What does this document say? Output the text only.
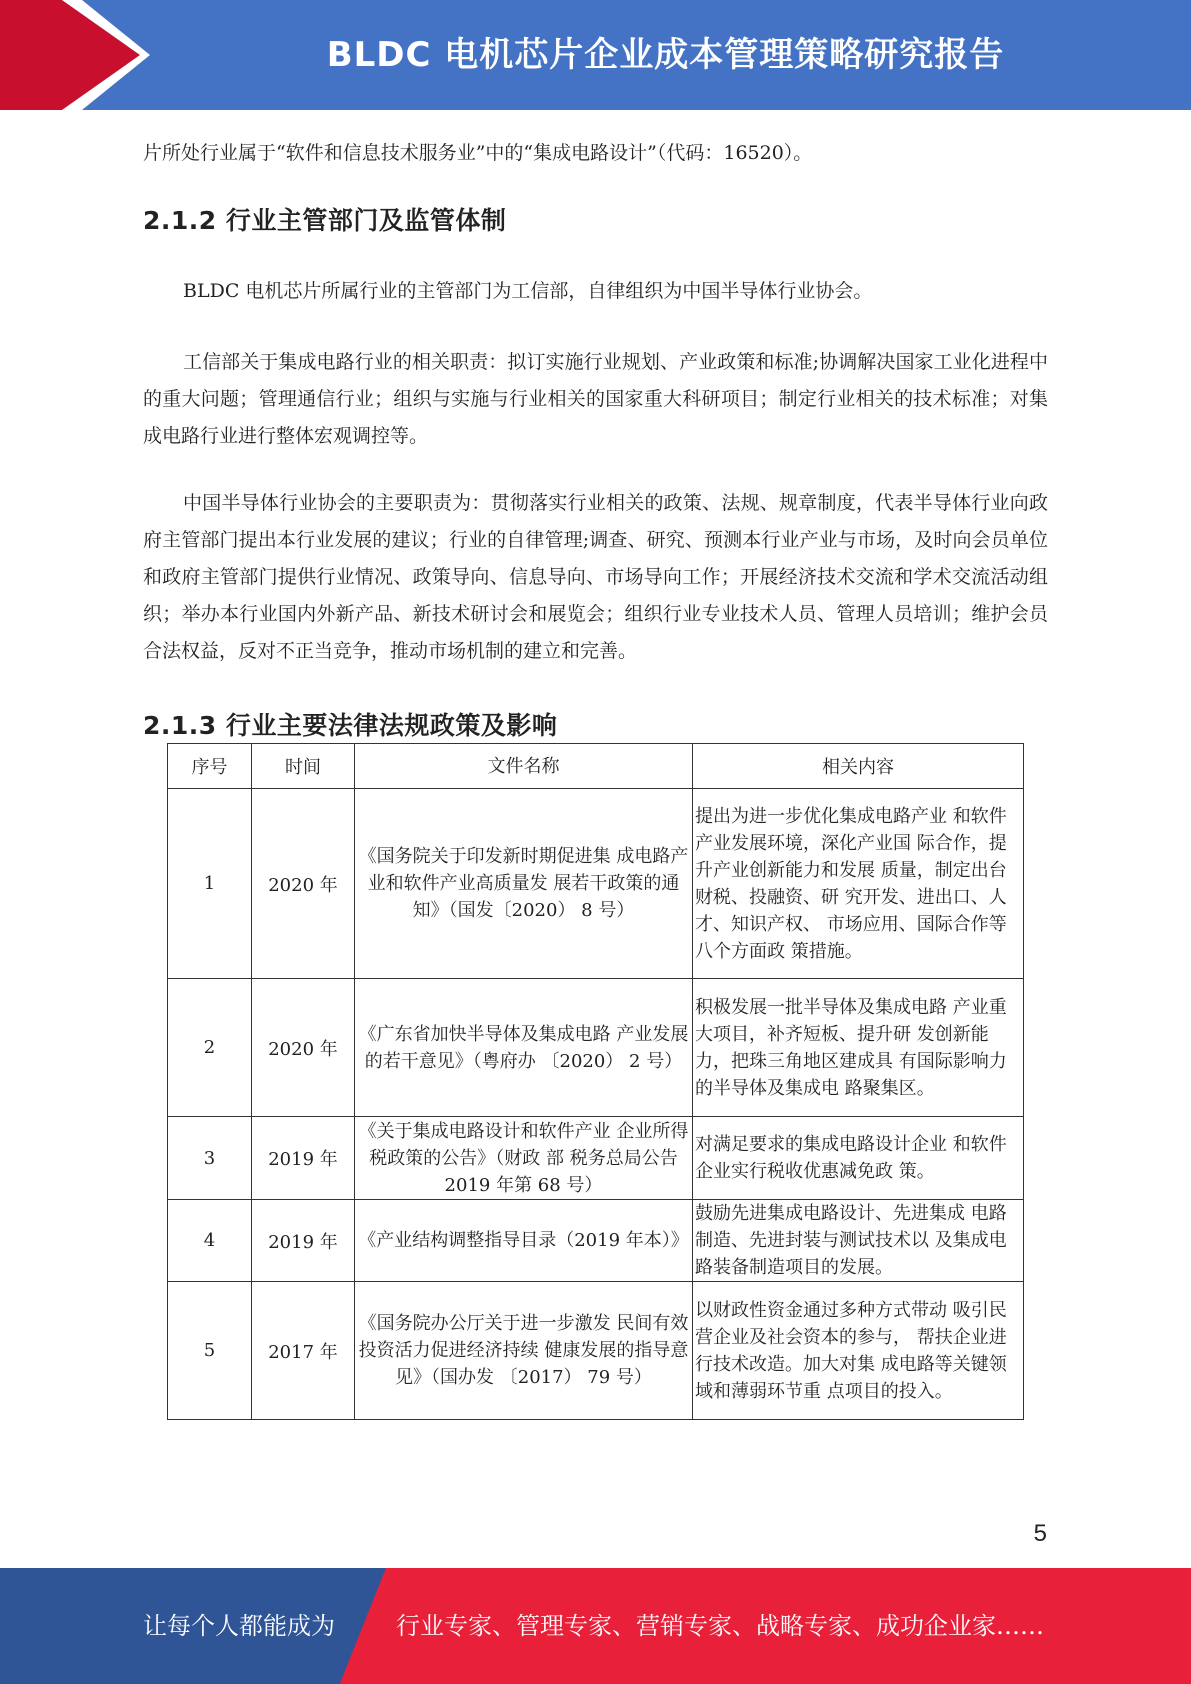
BLDC 电机芯片企业成本管理策略研究报告

片所处行业属于“软件和信息技术服务业”中的“集成电路设计”（代码：16520）。

2.1.2 行业主管部门及监管体制

BLDC 电机芯片所属行业的主管部门为工信部，自律组织为中国半导体行业协会。

工信部关于集成电路行业的相关职责：拟订实施行业规划、产业政策和标准;协调解决国家工业化进程中的重大问题；管理通信行业；组织与实施与行业相关的国家重大科研项目；制定行业相关的技术标准；对集成电路行业进行整体宏观调控等。

中国半导体行业协会的主要职责为：贯彻落实行业相关的政策、法规、规章制度，代表半导体行业向政府主管部门提出本行业发展的建议；行业的自律管理;调查、研究、预测本行业产业与市场，及时向会员单位和政府主管部门提供行业情况、政策导向、信息导向、市场导向工作；开展经济技术交流和学术交流活动组织；举办本行业国内外新产品、新技术研讨会和展览会；组织行业专业技术人员、管理人员培训；维护会员合法权益，反对不正当竞争，推动市场机制的建立和完善。

2.1.3 行业主要法律法规政策及影响
序号	时间	文件名称	相关内容
1	2020 年	《国务院关于印发新时期促进集 成电路产业和软件产业高质量发 展若干政策的通知》（国发〔2020） 8 号）	提出为进一步优化集成电路产业 和软件产业发展环境，深化产业国 际合作，提升产业创新能力和发展 质量，制定出台财税、投融资、研 究开发、进出口、人才、知识产权、 市场应用、国际合作等八个方面政 策措施。
2	2020 年	《广东省加快半导体及集成电路 产业发展的若干意见》（粤府办 〔2020） 2 号）	积极发展一批半导体及集成电路 产业重大项目，补齐短板、提升研 发创新能力，把珠三角地区建成具 有国际影响力的半导体及集成电 路聚集区。
3	2019 年	《关于集成电路设计和软件产业 企业所得税政策的公告》（财政 部 税务总局公告 2019 年第 68 号）	对满足要求的集成电路设计企业 和软件企业实行税收优惠减免政 策。
4	2019 年	《产业结构调整指导目录（2019 年本）》	鼓励先进集成电路设计、先进集成 电路制造、先进封装与测试技术以 及集成电路装备制造项目的发展。
5	2017 年	《国务院办公厅关于进一步激发 民间有效投资活力促进经济持续 健康发展的指导意见》（国办发 〔2017） 79 号）	以财政性资金通过多种方式带动 吸引民营企业及社会资本的参与， 帮扶企业进行技术改造。加大对集 成电路等关键领域和薄弱环节重 点项目的投入。
5
让每个人都能成为	行业专家、管理专家、营销专家、战略专家、成功企业家……
